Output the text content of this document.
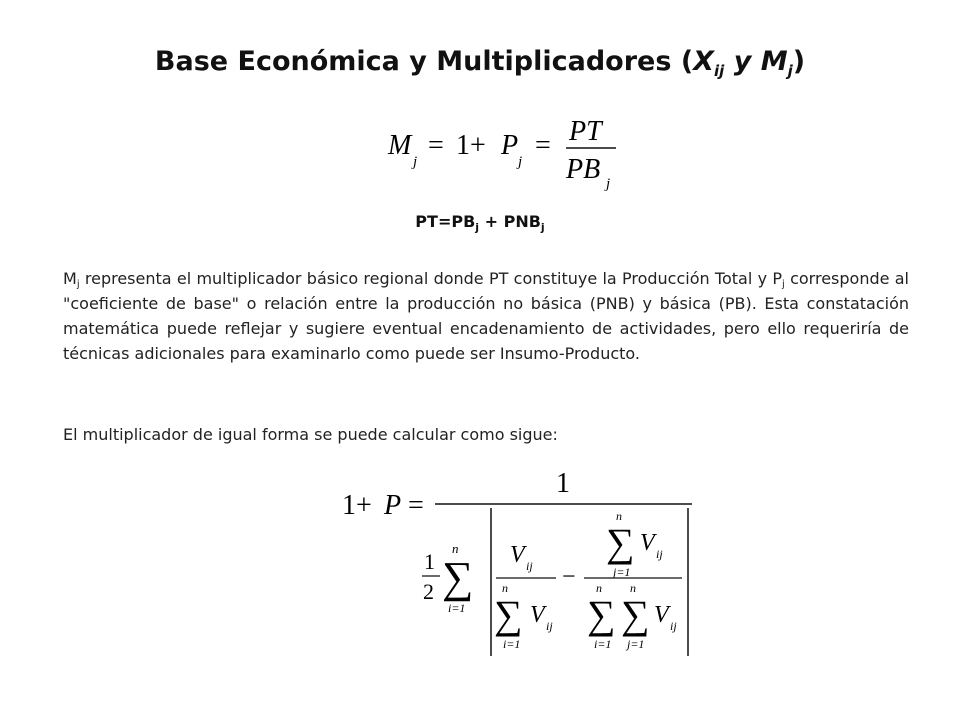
Base Económica y Multiplicadores ($X_{ij}$ y $M_j$)
M
j
= 1+ P
j
= PT
PB j
$PT=PB_j + PNB_j$
$M_j$ representa el multiplicador básico regional donde PT constituye la Producción Total y $P_j$ corresponde al "coeficiente de base" o relación entre la producción no básica (PNB) y básica (PB). Esta constatación matemática puede reflejar y sugiere eventual encadenamiento de actividades, pero ello requeriría de técnicas adicionales para examinarlo como puede ser Insumo-Producto.
El multiplicador de igual forma se puede calcular como sigue:
1+ P =
1
1
2
n
∑
i=1
V ij
n
∑
i=1
V ij
−
n
∑
j=1
V ij
n
∑
i=1
n
∑
j=1
V ij
